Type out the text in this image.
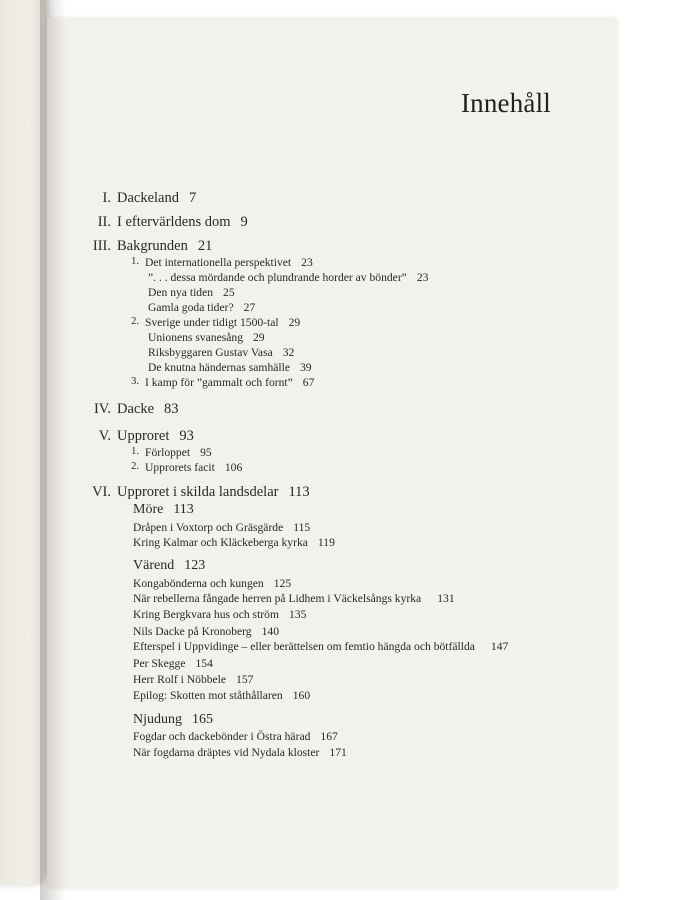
Innehåll
I. Dackeland 7
II. I eftervärldens dom 9
III. Bakgrunden 21
1. Det internationella perspektivet 23
”. . . dessa mördande och plundrande horder av bönder” 23
Den nya tiden 25
Gamla goda tider? 27
2. Sverige under tidigt 1500-tal 29
Unionens svanesång 29
Riksbyggaren Gustav Vasa 32
De knutna händernas samhälle 39
3. I kamp för ”gammalt och fornt” 67
IV. Dacke 83
V. Upproret 93
1. Förloppet 95
2. Upprorets facit 106
VI. Upproret i skilda landsdelar 113
Möre 113
Dråpen i Voxtorp och Gräsgärde 115
Kring Kalmar och Kläckeberga kyrka 119
Värend 123
Kongabönderna och kungen 125
När rebellerna fångade herren på Lidhem i Väckelsångs kyrka 131
Kring Bergkvara hus och ström 135
Nils Dacke på Kronoberg 140
Efterspel i Uppvidinge – eller berättelsen om femtio hängda och bötfällda 147
Per Skegge 154
Herr Rolf i Nöbbele 157
Epilog: Skotten mot ståthållaren 160
Njudung 165
Fogdar och dackebönder i Östra härad 167
När fogdarna dräptes vid Nydala kloster 171
